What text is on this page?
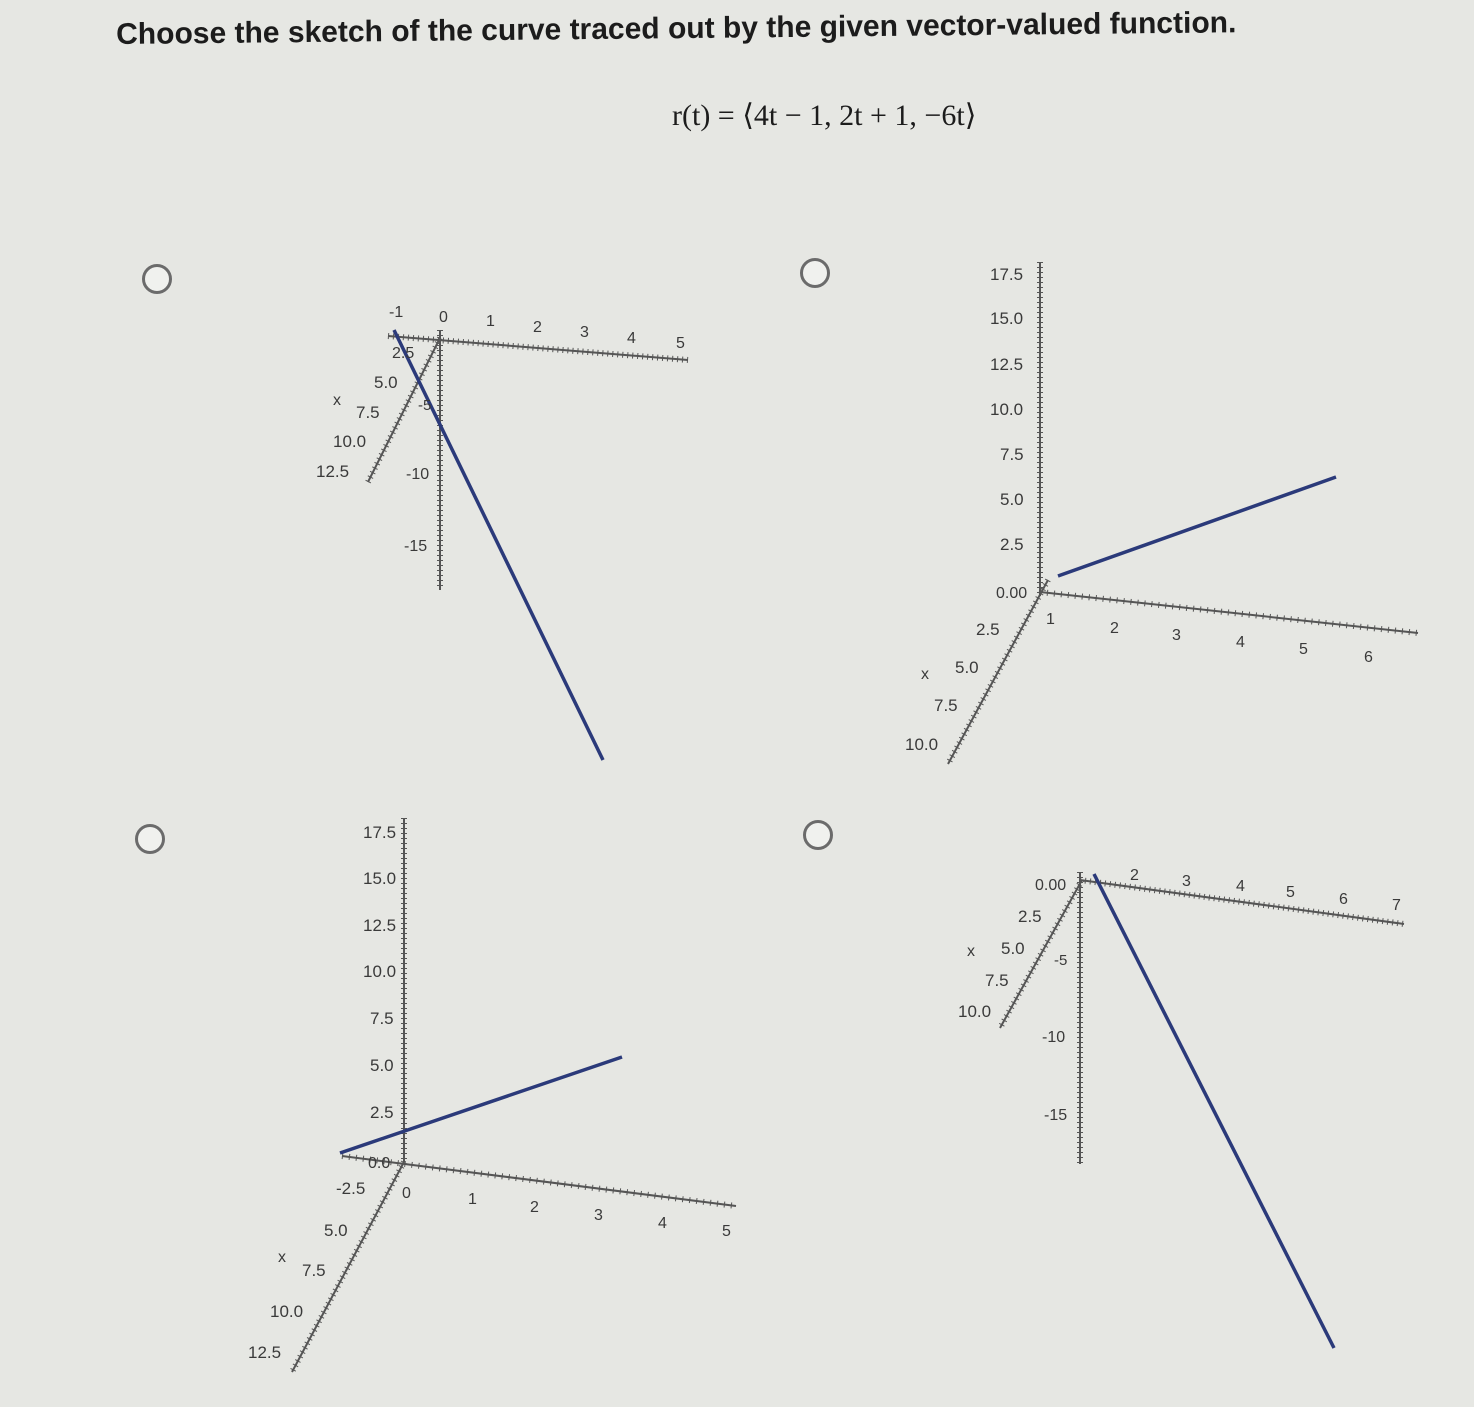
Choose the sketch of the curve traced out by the given vector-valued function.
r(t) = ⟨4t − 1, 2t + 1, −6t⟩
x
2.5
5.0
7.5
10.0
12.5
-1 0 1 2 3 4	5
-5
-10
-15
17.5
15.0
12.5
10.0
7.5
5.0
2.5
0.00
1
2	3	4	5	6
x
2.5
5.0
7.5
10.0
17.5
15.0
12.5
10.0
7.5
5.0
2.5
0.0
0	1	2	3	4	5
x
-2.5
5.0
7.5
10.0
12.5
0.00
-5
-10
-15
2	3	4	5	6	7
x
2.5
5.0
7.5
10.0
